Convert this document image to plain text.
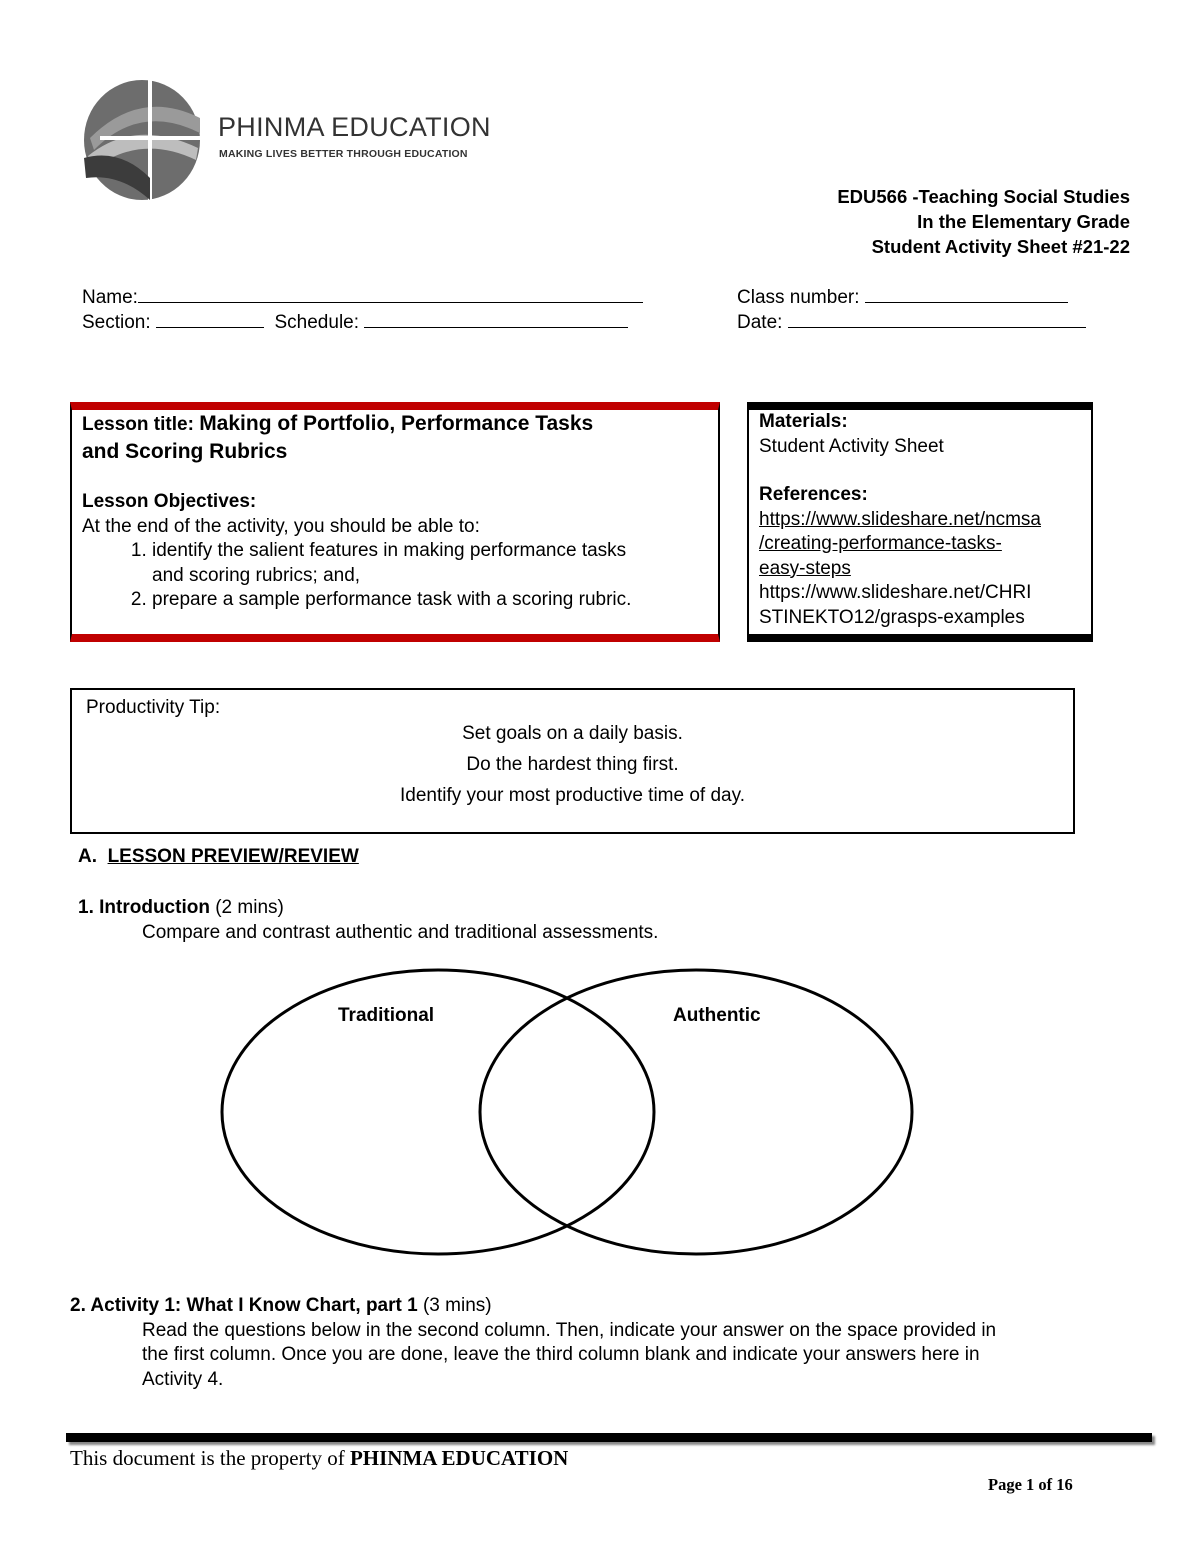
PHINMA EDUCATION
MAKING LIVES BETTER THROUGH EDUCATION
EDU566 -Teaching Social Studies
In the Elementary Grade
Student Activity Sheet #21-22
Name:	Class number:
Section:	Schedule:	Date:
Lesson title: Making of Portfolio, Performance Tasks
and Scoring Rubrics
Lesson Objectives:
At the end of the activity, you should be able to:
1. identify the salient features in making performance tasks and scoring rubrics; and,
2. prepare a sample performance task with a scoring rubric.
Materials:
Student Activity Sheet
References:
https://www.slideshare.net/ncmsa
/creating-performance-tasks-
easy-steps
https://www.slideshare.net/CHRI
STINEKTO12/grasps-examples
Productivity Tip:
Set goals on a daily basis.
Do the hardest thing first.
Identify your most productive time of day.
A. LESSON PREVIEW/REVIEW
1. Introduction (2 mins)
Compare and contrast authentic and traditional assessments.
Traditional	Authentic
2. Activity 1: What I Know Chart, part 1 (3 mins)
Read the questions below in the second column. Then, indicate your answer on the space provided in
the first column. Once you are done, leave the third column blank and indicate your answers here in
Activity 4.
This document is the property of PHINMA EDUCATION
Page 1 of 16
